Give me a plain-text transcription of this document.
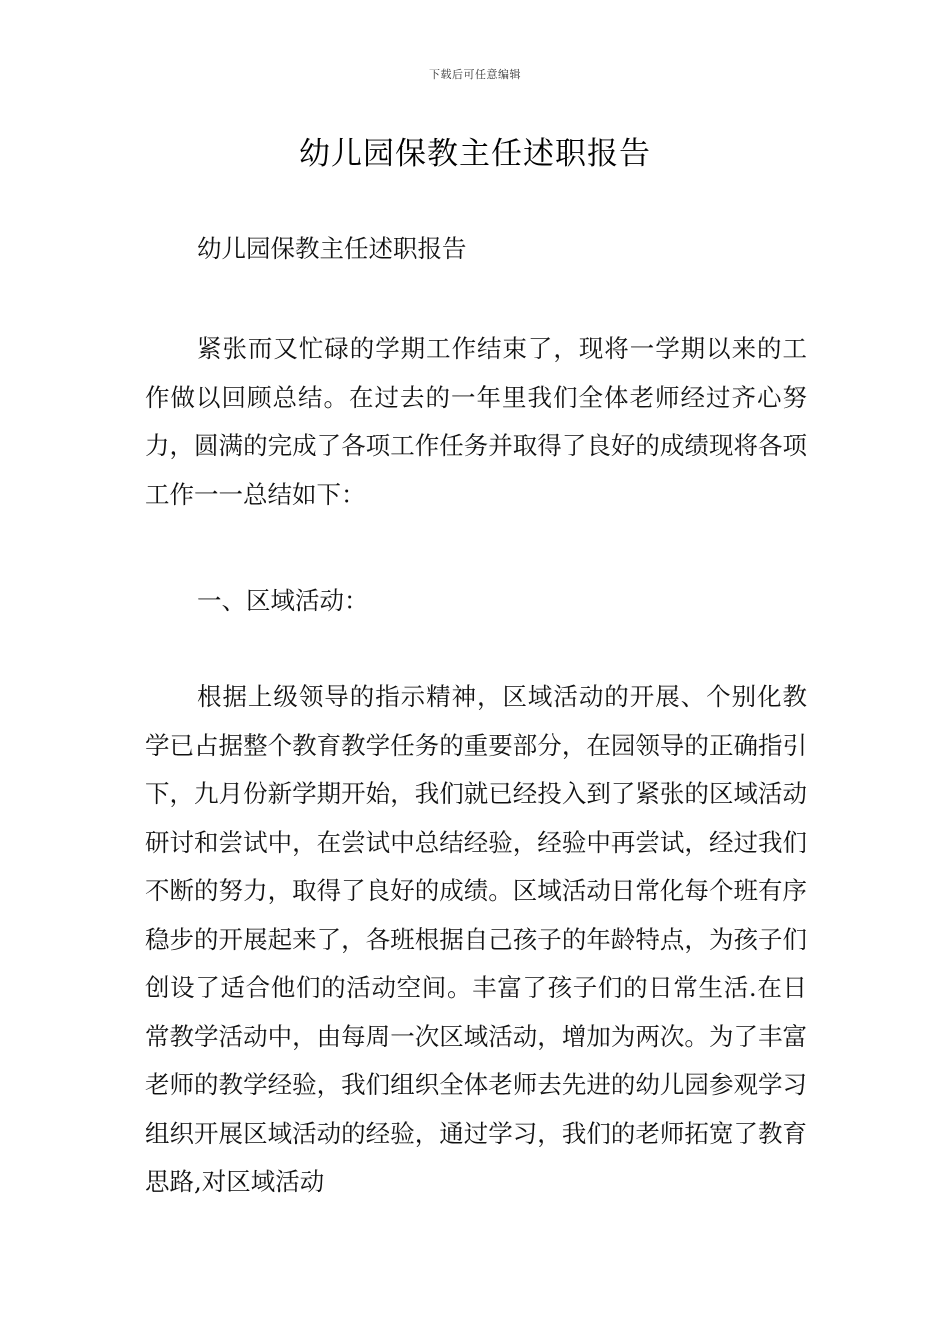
下载后可任意编辑
幼儿园保教主任述职报告

幼儿园保教主任述职报告

紧张而又忙碌的学期工作结束了，现将一学期以来的工作做以回顾总结。在过去的一年里我们全体老师经过齐心努力，圆满的完成了各项工作任务并取得了良好的成绩现将各项工作一一总结如下：

一、区域活动：

根据上级领导的指示精神，区域活动的开展、个别化教学已占据整个教育教学任务的重要部分，在园领导的正确指引下，九月份新学期开始，我们就已经投入到了紧张的区域活动研讨和尝试中，在尝试中总结经验，经验中再尝试，经过我们不断的努力，取得了良好的成绩。区域活动日常化每个班有序稳步的开展起来了，各班根据自己孩子的年龄特点，为孩子们创设了适合他们的活动空间。丰富了孩子们的日常生活.在日常教学活动中，由每周一次区域活动，增加为两次。为了丰富老师的教学经验，我们组织全体老师去先进的幼儿园参观学习组织开展区域活动的经验，通过学习，我们的老师拓宽了教育思路,对区域活动
